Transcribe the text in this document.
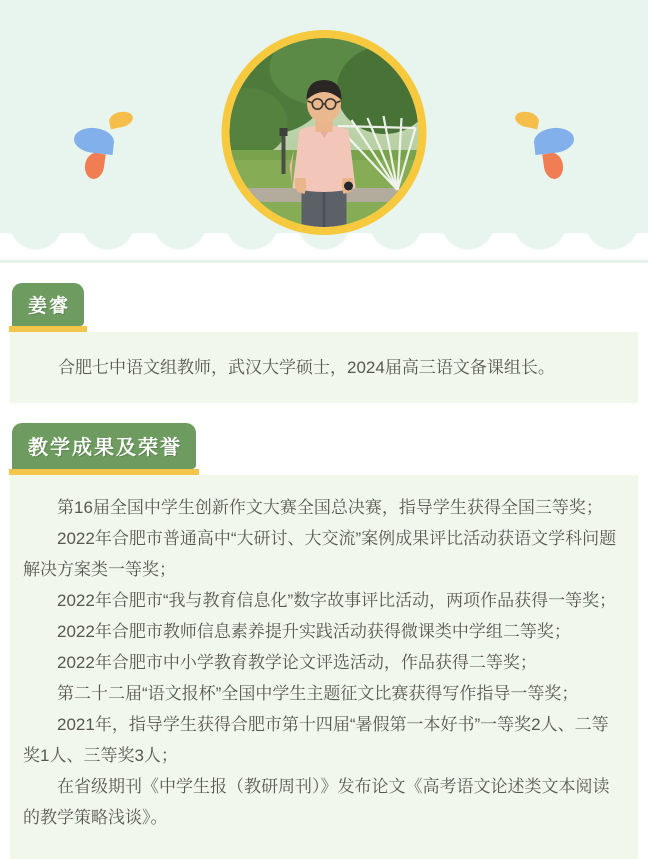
姜睿

合肥七中语文组教师，武汉大学硕士，2024届高三语文备课组长。

教学成果及荣誉

第16届全国中学生创新作文大赛全国总决赛，指导学生获得全国三等奖；

2022年合肥市普通高中“大研讨、大交流”案例成果评比活动获语文学科问题解决方案类一等奖；

2022年合肥市“我与教育信息化”数字故事评比活动，两项作品获得一等奖；

2022年合肥市教师信息素养提升实践活动获得微课类中学组二等奖；

2022年合肥市中小学教育教学论文评选活动，作品获得二等奖；

第二十二届“语文报杯”全国中学生主题征文比赛获得写作指导一等奖；

2021年，指导学生获得合肥市第十四届“暑假第一本好书”一等奖2人、二等奖1人、三等奖3人；

在省级期刊《中学生报（教研周刊）》发布论文《高考语文论述类文本阅读的教学策略浅谈》。
